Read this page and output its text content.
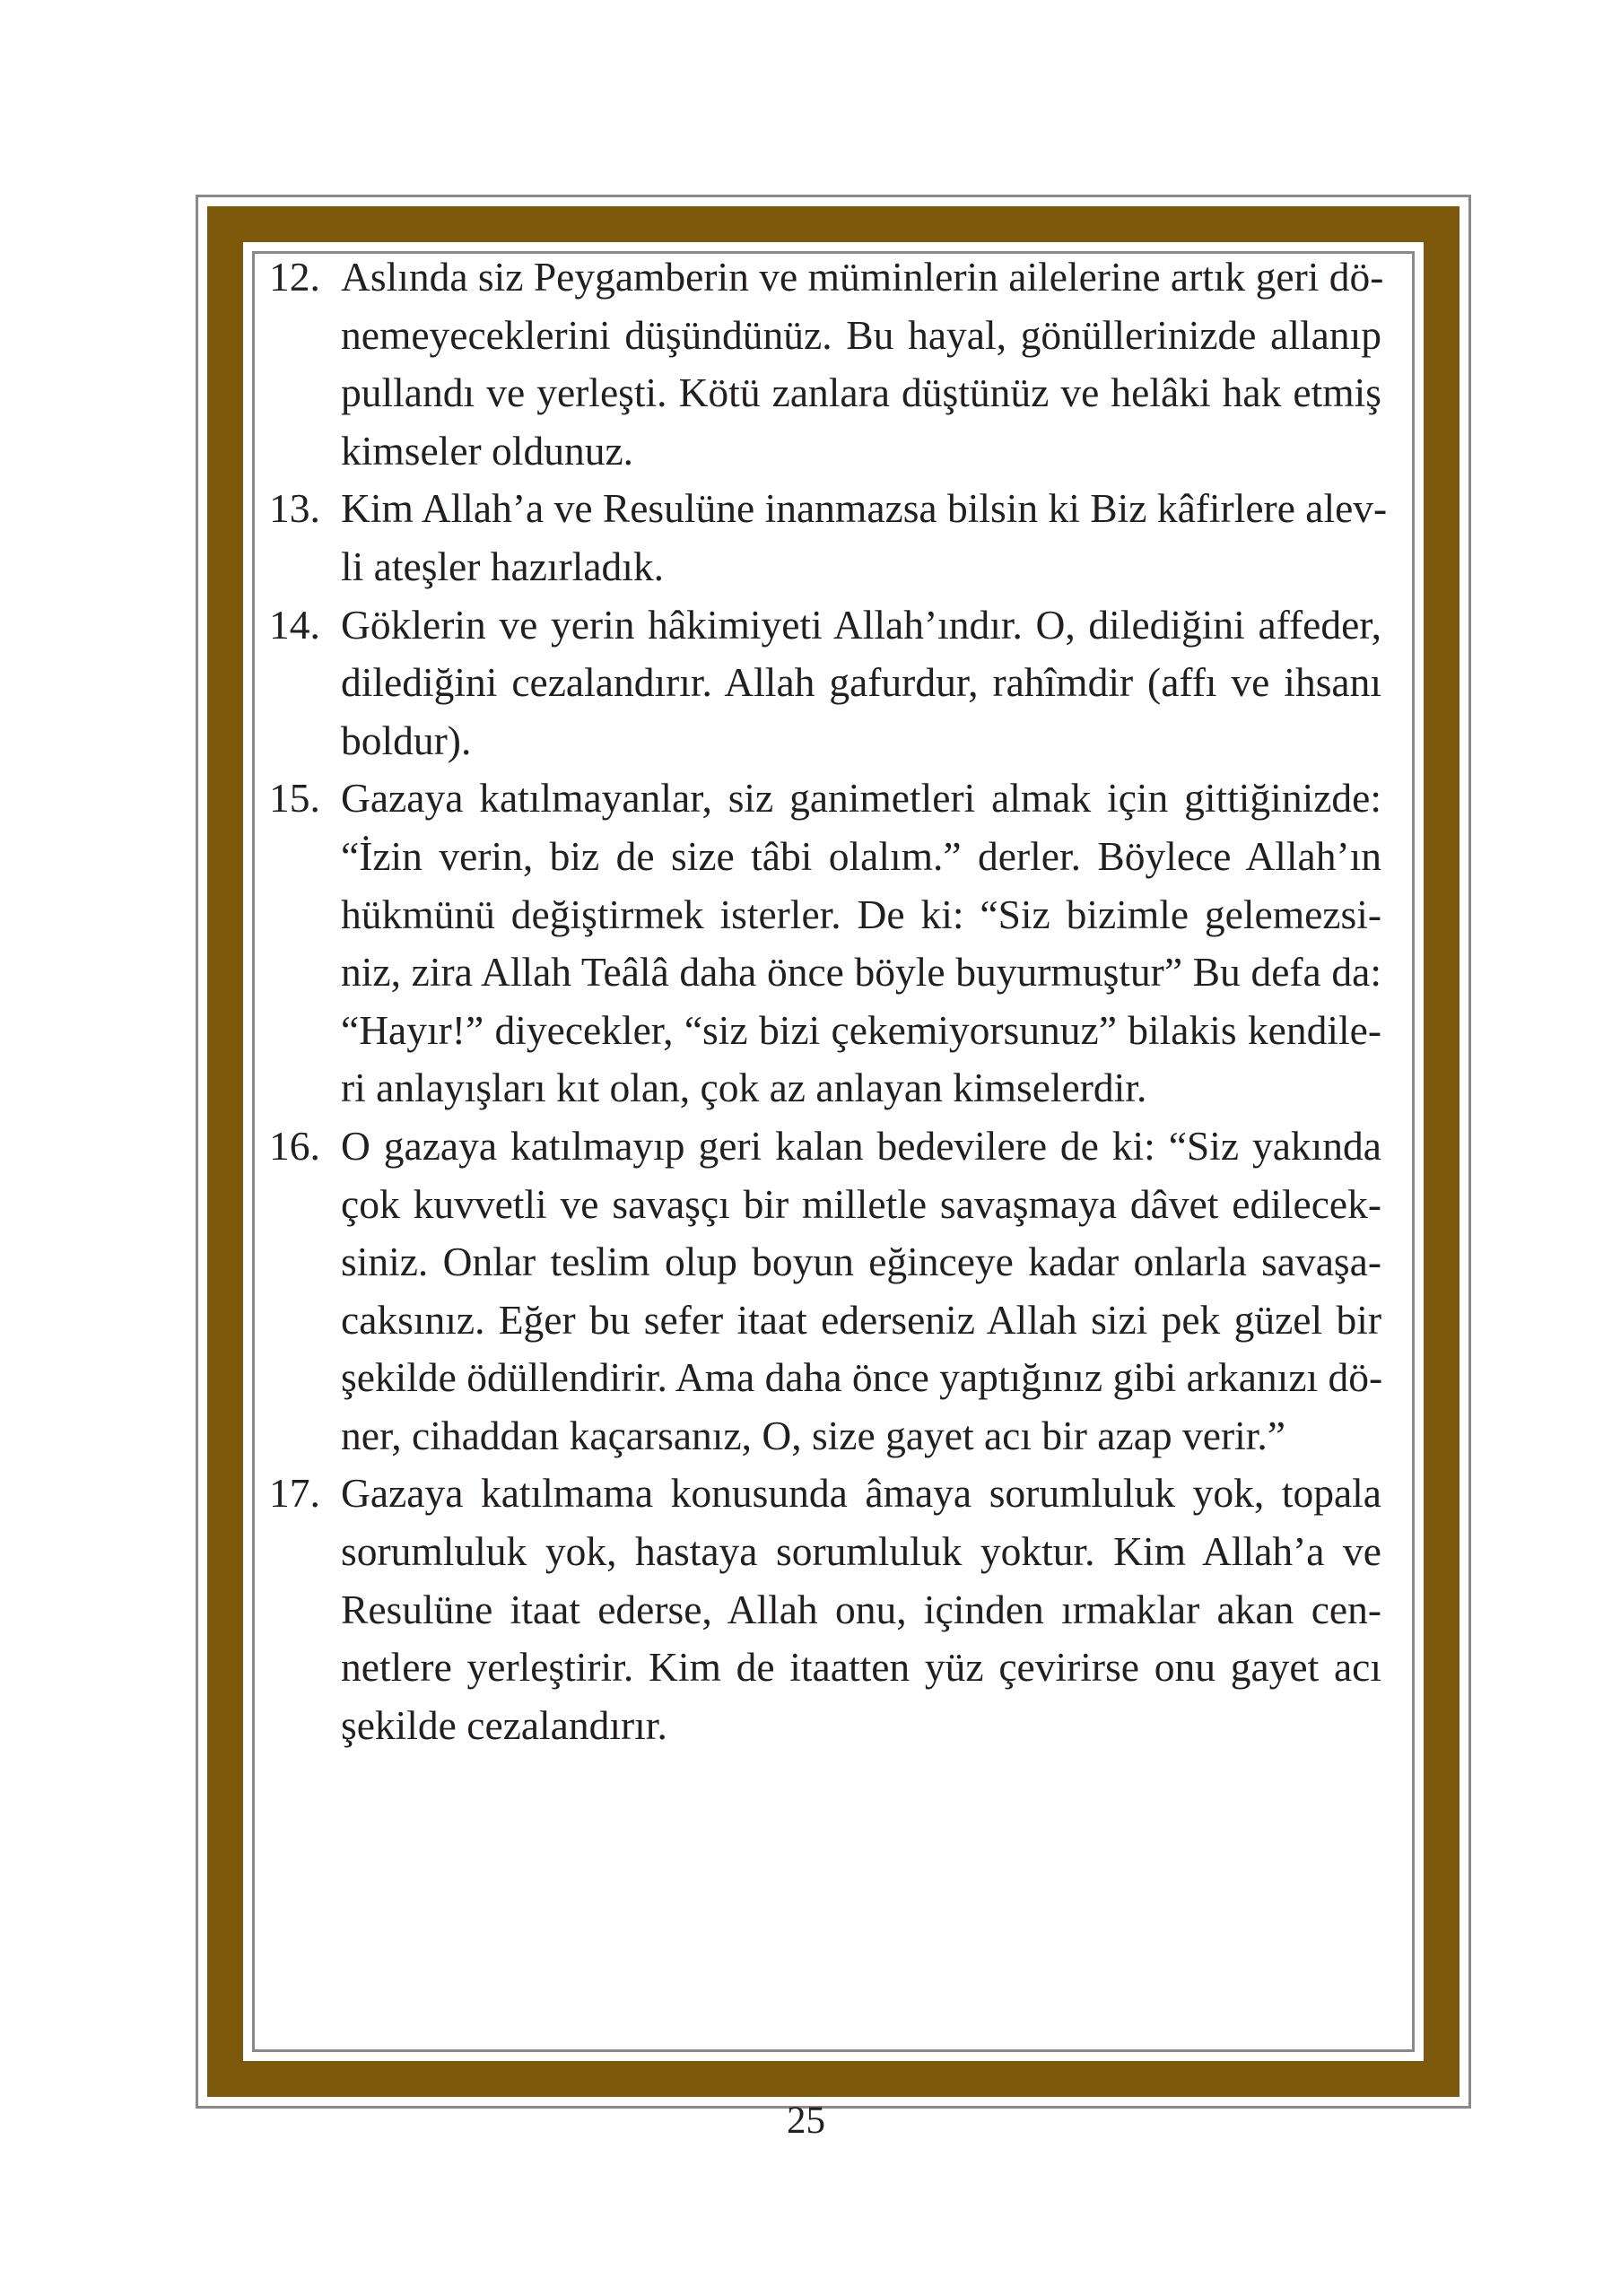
12. Aslında siz Peygamberin ve müminlerin ailelerine artık geri dö-
nemeyeceklerini düşündünüz. Bu hayal, gönüllerinizde allanıp
pullandı ve yerleşti. Kötü zanlara düştünüz ve helâki hak etmiş
kimseler oldunuz.
13. Kim Allah’a ve Resulüne inanmazsa bilsin ki Biz kâfirlere alev-
li ateşler hazırladık.
14. Göklerin ve yerin hâkimiyeti Allah’ındır. O, dilediğini affeder,
dilediğini cezalandırır. Allah gafurdur, rahîmdir (affı ve ihsanı
boldur).
15. Gazaya katılmayanlar, siz ganimetleri almak için gittiğinizde:
“İzin verin, biz de size tâbi olalım.” derler. Böylece Allah’ın
hükmünü değiştirmek isterler. De ki: “Siz bizimle gelemezsi-
niz, zira Allah Teâlâ daha önce böyle buyurmuştur” Bu defa da:
“Hayır!” diyecekler, “siz bizi çekemiyorsunuz” bilakis kendile-
ri anlayışları kıt olan, çok az anlayan kimselerdir.
16. O gazaya katılmayıp geri kalan bedevilere de ki: “Siz yakında
çok kuvvetli ve savaşçı bir milletle savaşmaya dâvet edilecek-
siniz. Onlar teslim olup boyun eğinceye kadar onlarla savaşa-
caksınız. Eğer bu sefer itaat ederseniz Allah sizi pek güzel bir
şekilde ödüllendirir. Ama daha önce yaptığınız gibi arkanızı dö-
ner, cihaddan kaçarsanız, O, size gayet acı bir azap verir.”
17. Gazaya katılmama konusunda âmaya sorumluluk yok, topala
sorumluluk yok, hastaya sorumluluk yoktur. Kim Allah’a ve
Resulüne itaat ederse, Allah onu, içinden ırmaklar akan cen-
netlere yerleştirir. Kim de itaatten yüz çevirirse onu gayet acı
şekilde cezalandırır.
25
